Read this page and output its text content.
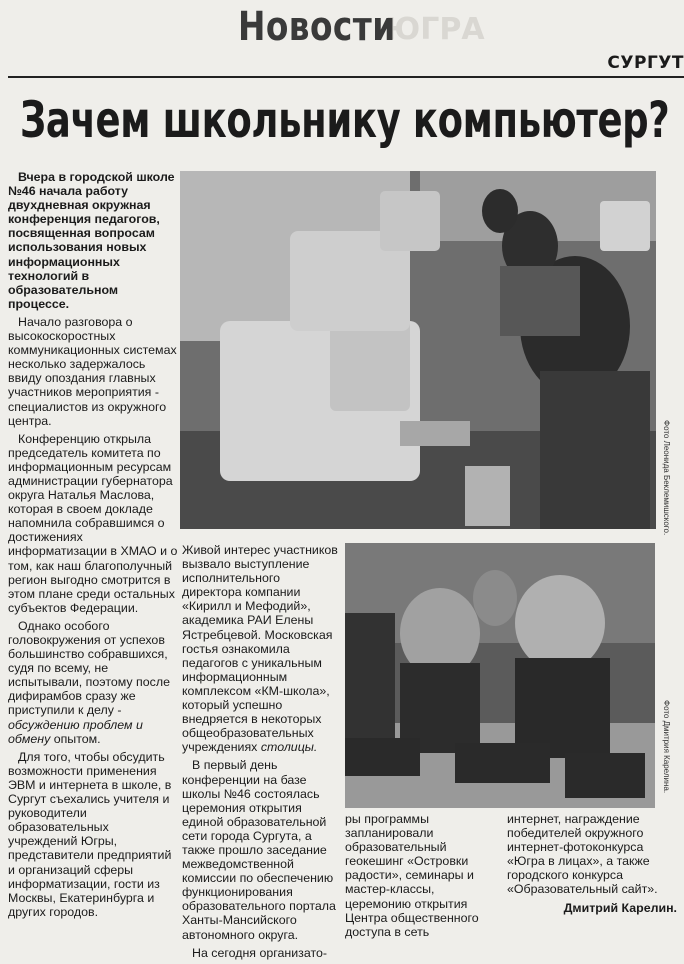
ЮГРА
Новости
СУРГУТ
Зачем школьнику компьютер?

Вчера в городской школе №46 начала работу двухдневная окружная конференция педагогов, посвященная вопросам использования новых информационных технологий в образовательном процессе.

Начало разговора о высокоскоростных коммуникационных системах несколько задержалось ввиду опоздания главных участников мероприятия - специалистов из окружного центра.

Конференцию открыла председатель комитета по информационным ресурсам администрации губернатора округа Наталья Маслова, которая в своем докладе напомнила собравшимся о достижениях информатизации в ХМАО и о том, как наш благополучный регион выгодно смотрится в этом плане среди остальных субъектов Федерации.

Однако особого головокружения от успехов большинство собравшихся, судя по всему, не испытывали, поэтому после дифирамбов сразу же приступили к делу - обсуждению проблем и обмену опытом.

Для того, чтобы обсудить возможности применения ЭВМ и интернета в школе, в Сургут съехались учителя и руководители образовательных учреждений Югры, представители предприятий и организаций сферы информатизации, гости из Москвы, Екатеринбурга и других городов.

Фото Леонида Беклемишского.

Живой интерес участников вызвало выступление исполнительного директора компании «Кирилл и Мефодий», академика РАИ Елены Ястребцевой. Московская гостья ознакомила педагогов с уникальным информационным комплексом «КМ-школа», который успешно внедряется в некоторых общеобразовательных учреждениях столицы.

В первый день конференции на базе школы №46 состоялась церемония открытия единой образовательной сети города Сургута, а также прошло заседание межведомственной комиссии по обеспечению функционирования образовательного портала Ханты-Мансийского автономного округа.

На сегодня организато-

Фото Дмитрия Карелина.

ры программы запланировали образовательный геокешинг «Островки радости», семинары и мастер-классы, церемонию открытия Центра общественного доступа в сеть

интернет, награждение победителей окружного интернет-фотоконкурса «Югра в лицах», а также городского конкурса «Образовательный сайт».

Дмитрий Карелин.
